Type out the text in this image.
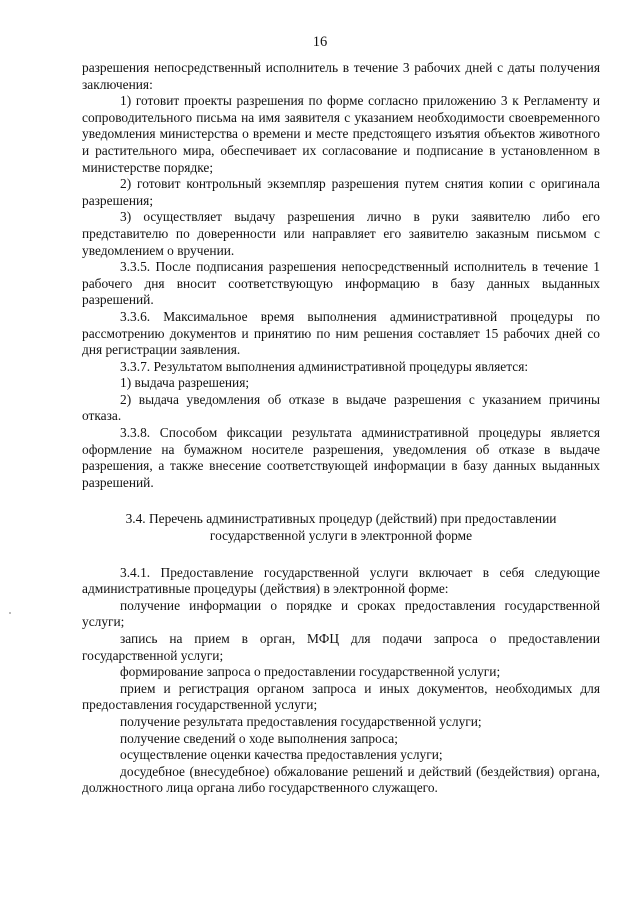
16

разрешения непосредственный исполнитель в течение 3 рабочих дней с даты получения заключения:

1) готовит проекты разрешения по форме согласно приложению 3 к Регламенту и сопроводительного письма на имя заявителя с указанием необходимости своевременного уведомления министерства о времени и месте предстоящего изъятия объектов животного и растительного мира, обеспечивает их согласование и подписание в установленном в министерстве порядке;

2) готовит контрольный экземпляр разрешения путем снятия копии с оригинала разрешения;

3) осуществляет выдачу разрешения лично в руки заявителю либо его представителю по доверенности или направляет его заявителю заказным письмом с уведомлением о вручении.

3.3.5. После подписания разрешения непосредственный исполнитель в течение 1 рабочего дня вносит соответствующую информацию в базу данных выданных разрешений.

3.3.6. Максимальное время выполнения административной процедуры по рассмотрению документов и принятию по ним решения составляет 15 рабочих дней со дня регистрации заявления.

3.3.7. Результатом выполнения административной процедуры является:

1) выдача разрешения;

2) выдача уведомления об отказе в выдаче разрешения с указанием причины отказа.

3.3.8. Способом фиксации результата административной процедуры является оформление на бумажном носителе разрешения, уведомления об отказе в выдаче разрешения, а также внесение соответствующей информации в базу данных выданных разрешений.

3.4. Перечень административных процедур (действий) при предоставлении государственной услуги в электронной форме

3.4.1. Предоставление государственной услуги включает в себя следующие административные процедуры (действия) в электронной форме:

получение информации о порядке и сроках предоставления государственной услуги;

запись на прием в орган, МФЦ для подачи запроса о предоставлении государственной услуги;

формирование запроса о предоставлении государственной услуги;

прием и регистрация органом запроса и иных документов, необходимых для предоставления государственной услуги;

получение результата предоставления государственной услуги;

получение сведений о ходе выполнения запроса;

осуществление оценки качества предоставления услуги;

досудебное (внесудебное) обжалование решений и действий (бездействия) органа, должностного лица органа либо государственного служащего.
